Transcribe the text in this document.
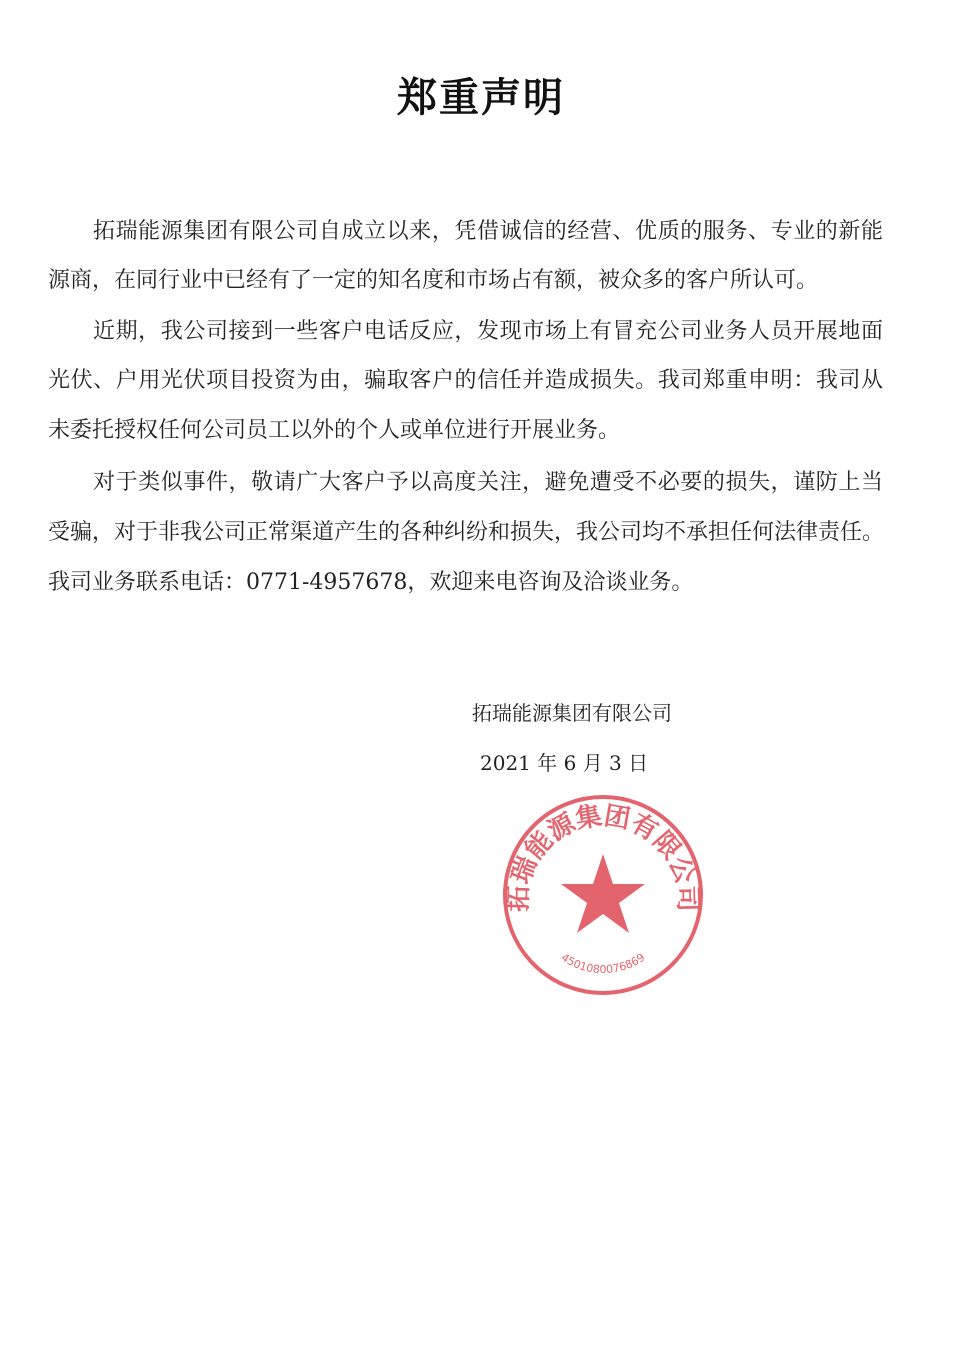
郑重声明
拓瑞能源集团有限公司自成立以来，凭借诚信的经营、优质的服务、专业的新能
源商，在同行业中已经有了一定的知名度和市场占有额，被众多的客户所认可。
近期，我公司接到一些客户电话反应，发现市场上有冒充公司业务人员开展地面
光伏、户用光伏项目投资为由，骗取客户的信任并造成损失。我司郑重申明：我司从
未委托授权任何公司员工以外的个人或单位进行开展业务。
对于类似事件，敬请广大客户予以高度关注，避免遭受不必要的损失，谨防上当
受骗，对于非我公司正常渠道产生的各种纠纷和损失，我公司均不承担任何法律责任。
我司业务联系电话：0771-4957678，欢迎来电咨询及洽谈业务。
拓瑞能源集团有限公司
2021 年 6 月 3 日
拓瑞能源集团有限公司
4501080076869
